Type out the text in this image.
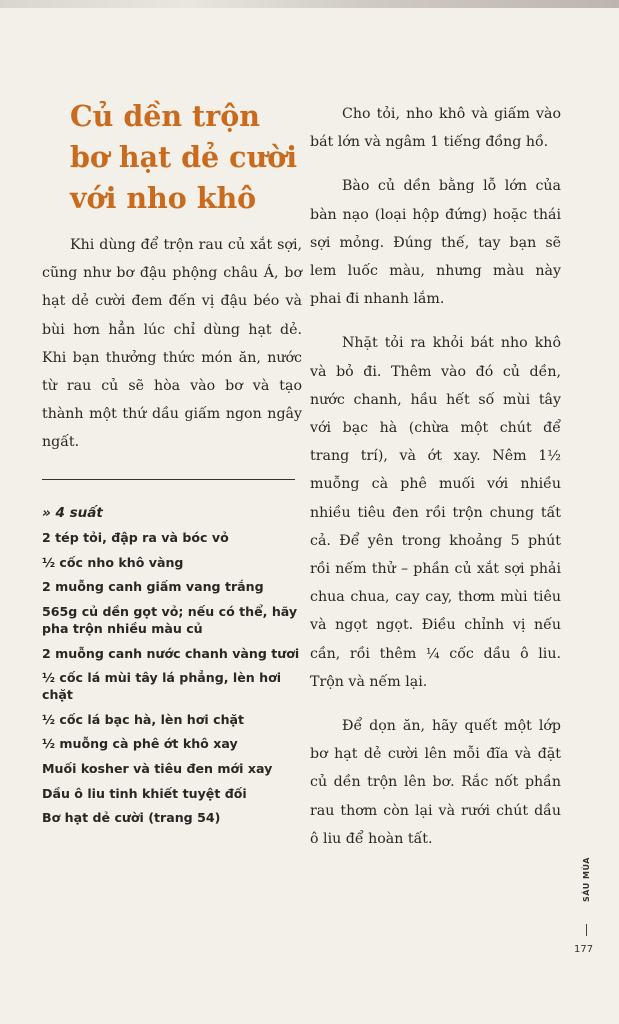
Củ dền trộn bơ hạt dẻ cười với nho khô

Khi dùng để trộn rau củ xắt sợi, cũng như bơ đậu phộng châu Á, bơ hạt dẻ cười đem đến vị đậu béo và bùi hơn hẳn lúc chỉ dùng hạt dẻ. Khi bạn thưởng thức món ăn, nước từ rau củ sẽ hòa vào bơ và tạo thành một thứ dầu giấm ngon ngây ngất.

» 4 suất
2 tép tỏi, đập ra và bóc vỏ
½ cốc nho khô vàng
2 muỗng canh giấm vang trắng
565g củ dền gọt vỏ; nếu có thể, hãy pha trộn nhiều màu củ
2 muỗng canh nước chanh vàng tươi
½ cốc lá mùi tây lá phẳng, lèn hơi chặt
½ cốc lá bạc hà, lèn hơi chặt
½ muỗng cà phê ớt khô xay
Muối kosher và tiêu đen mới xay
Dầu ô liu tinh khiết tuyệt đối
Bơ hạt dẻ cười (trang 54)

Cho tỏi, nho khô và giấm vào bát lớn và ngâm 1 tiếng đồng hồ.

Bào củ dền bằng lỗ lớn của bàn nạo (loại hộp đứng) hoặc thái sợi mỏng. Đúng thế, tay bạn sẽ lem luốc màu, nhưng màu này phai đi nhanh lắm.

Nhặt tỏi ra khỏi bát nho khô và bỏ đi. Thêm vào đó củ dền, nước chanh, hầu hết số mùi tây với bạc hà (chừa một chút để trang trí), và ớt xay. Nêm 1½ muỗng cà phê muối với nhiều nhiều tiêu đen rồi trộn chung tất cả. Để yên trong khoảng 5 phút rồi nếm thử – phần củ xắt sợi phải chua chua, cay cay, thơm mùi tiêu và ngọt ngọt. Điều chỉnh vị nếu cần, rồi thêm ¼ cốc dầu ô liu. Trộn và nếm lại.

Để dọn ăn, hãy quết một lớp bơ hạt dẻ cười lên mỗi đĩa và đặt củ dền trộn lên bơ. Rắc nốt phần rau thơm còn lại và rưới chút dầu ô liu để hoàn tất.

SÁU MÙA
177
